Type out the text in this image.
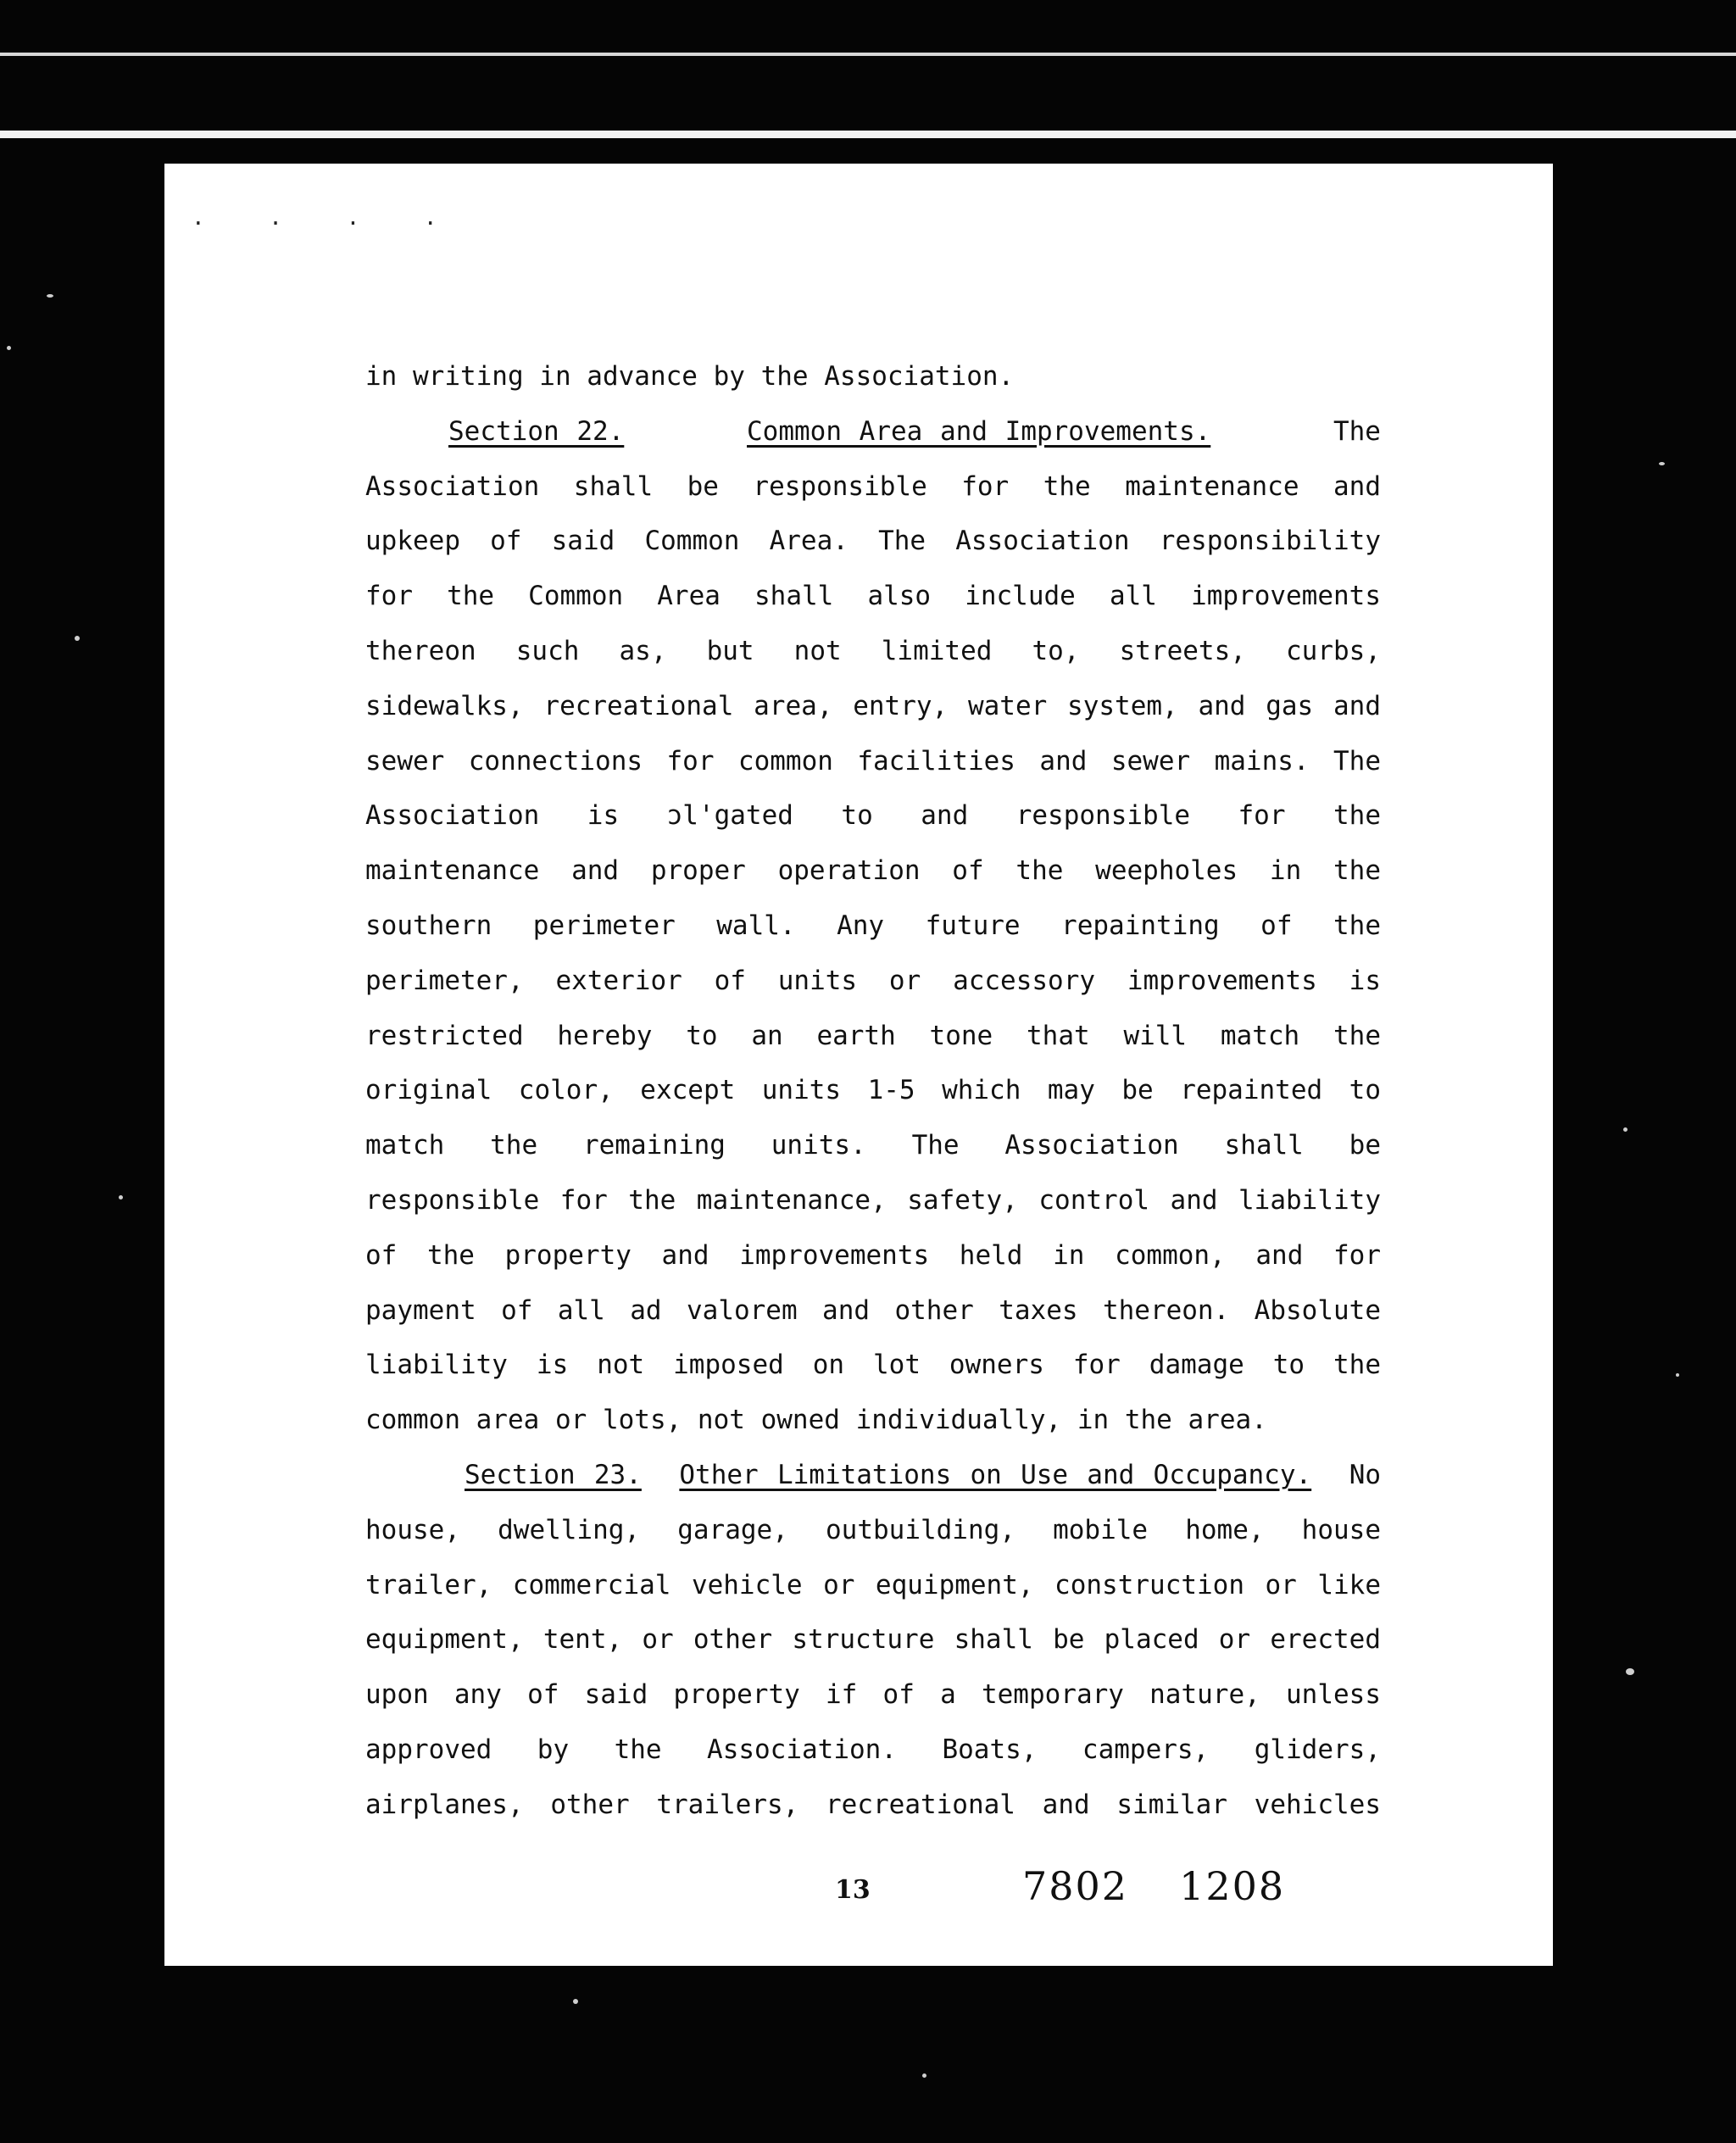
. . . .
in writing in advance by the Association.
Section 22.	Common Area and Improvements.	The
Association shall be responsible for the maintenance and
upkeep of said Common Area. The Association responsibility
for the Common Area shall also include all improvements
thereon such as, but not limited to, streets, curbs,
sidewalks, recreational area, entry, water system, and gas and
sewer connections for common facilities and sewer mains. The
Association is ɔl'gated to and responsible for the
maintenance and proper operation of the weepholes in the
southern perimeter wall. Any future repainting of the
perimeter, exterior of units or accessory improvements is
restricted hereby to an earth tone that will match the
original color, except units 1-5 which may be repainted to
match the remaining units. The Association shall be
responsible for the maintenance, safety, control and liability
of the property and improvements held in common, and for
payment of all ad valorem and other taxes thereon. Absolute
liability is not imposed on lot owners for damage to the
common area or lots, not owned individually, in the area.
Section 23. Other Limitations on Use and Occupancy. No
house, dwelling, garage, outbuilding, mobile home, house
trailer, commercial vehicle or equipment, construction or like
equipment, tent, or other structure shall be placed or erected
upon any of said property if of a temporary nature, unless
approved by the Association. Boats, campers, gliders,
airplanes, other trailers, recreational and similar vehicles
13	7802 1208
